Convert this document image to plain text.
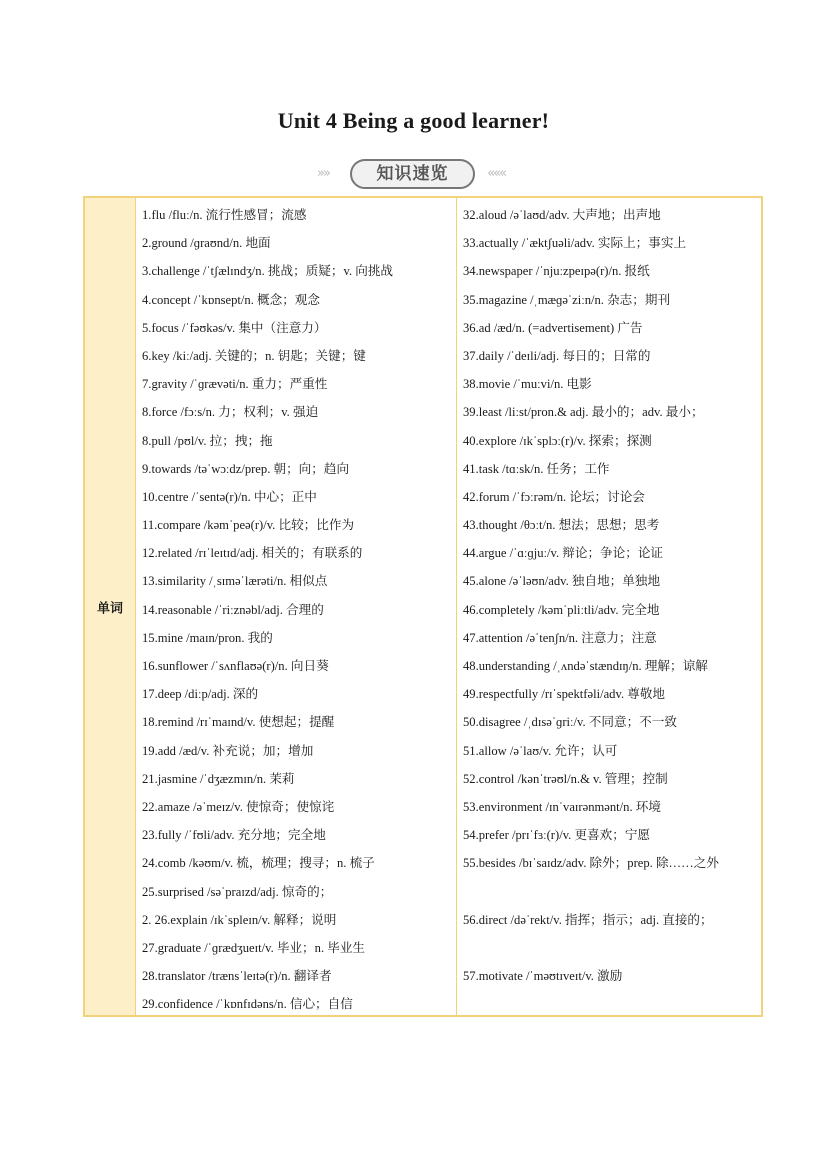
Unit 4 Being a good learner!
»»	知识速览	«««
单词
1.flu /fluː/n. 流行性感冒；流感
2.ground /ɡraʊnd/n. 地面
3.challenge /ˈtʃælɪndʒ/n. 挑战；质疑；v. 向挑战
4.concept /ˈkɒnsept/n. 概念；观念
5.focus /ˈfəʊkəs/v. 集中（注意力）
6.key /kiː/adj. 关键的；n. 钥匙；关键；键
7.gravity /ˈɡrævəti/n. 重力；严重性
8.force /fɔːs/n. 力；权利；v. 强迫
8.pull /pʊl/v. 拉；拽；拖
9.towards /təˈwɔːdz/prep. 朝；向；趋向
10.centre /ˈsentə(r)/n. 中心；正中
11.compare /kəmˈpeə(r)/v. 比较；比作为
12.related /rɪˈleɪtɪd/adj. 相关的；有联系的
13.similarity /ˌsɪməˈlærəti/n. 相似点
14.reasonable /ˈriːznəbl/adj. 合理的
15.mine /maɪn/pron. 我的
16.sunflower /ˈsʌnflaʊə(r)/n. 向日葵
17.deep /diːp/adj. 深的
18.remind /rɪˈmaɪnd/v. 使想起；提醒
19.add /æd/v. 补充说；加；增加
21.jasmine /ˈdʒæzmɪn/n. 茉莉
22.amaze /əˈmeɪz/v. 使惊奇；使惊诧
23.fully /ˈfʊli/adv. 充分地；完全地
24.comb /kəʊm/v. 梳，梳理；搜寻；n. 梳子
25.surprised /səˈpraɪzd/adj. 惊奇的；
2. 26.explain /ɪkˈspleɪn/v. 解释；说明
27.graduate /ˈɡrædʒueɪt/v. 毕业；n. 毕业生
28.translator /trænsˈleɪtə(r)/n. 翻译者
29.confidence /ˈkɒnfɪdəns/n. 信心；自信
32.aloud /əˈlaʊd/adv. 大声地；出声地
33.actually /ˈæktʃuəli/adv. 实际上；事实上
34.newspaper /ˈnjuːzpeɪpə(r)/n. 报纸
35.magazine /ˌmæɡəˈziːn/n. 杂志；期刊
36.ad /æd/n. (=advertisement) 广告
37.daily /ˈdeɪli/adj. 每日的；日常的
38.movie /ˈmuːvi/n. 电影
39.least /liːst/pron.& adj. 最小的；adv. 最小；
40.explore /ɪkˈsplɔː(r)/v. 探索；探测
41.task /tɑːsk/n. 任务；工作
42.forum /ˈfɔːrəm/n. 论坛；讨论会
43.thought /θɔːt/n. 想法；思想；思考
44.argue /ˈɑːɡjuː/v. 辩论；争论；论证
45.alone /əˈləʊn/adv. 独自地；单独地
46.completely /kəmˈpliːtli/adv. 完全地
47.attention /əˈtenʃn/n. 注意力；注意
48.understanding /ˌʌndəˈstændɪŋ/n. 理解；谅解
49.respectfully /rɪˈspektfəli/adv. 尊敬地
50.disagree /ˌdɪsəˈɡriː/v. 不同意；不一致
51.allow /əˈlaʊ/v. 允许；认可
52.control /kənˈtrəʊl/n.& v. 管理；控制
53.environment /ɪnˈvaɪrənmənt/n. 环境
54.prefer /prɪˈfɜː(r)/v. 更喜欢；宁愿
55.besides /bɪˈsaɪdz/adv. 除外；prep. 除……之外
56.direct /dəˈrekt/v. 指挥；指示；adj. 直接的；
57.motivate /ˈməʊtɪveɪt/v. 激励
